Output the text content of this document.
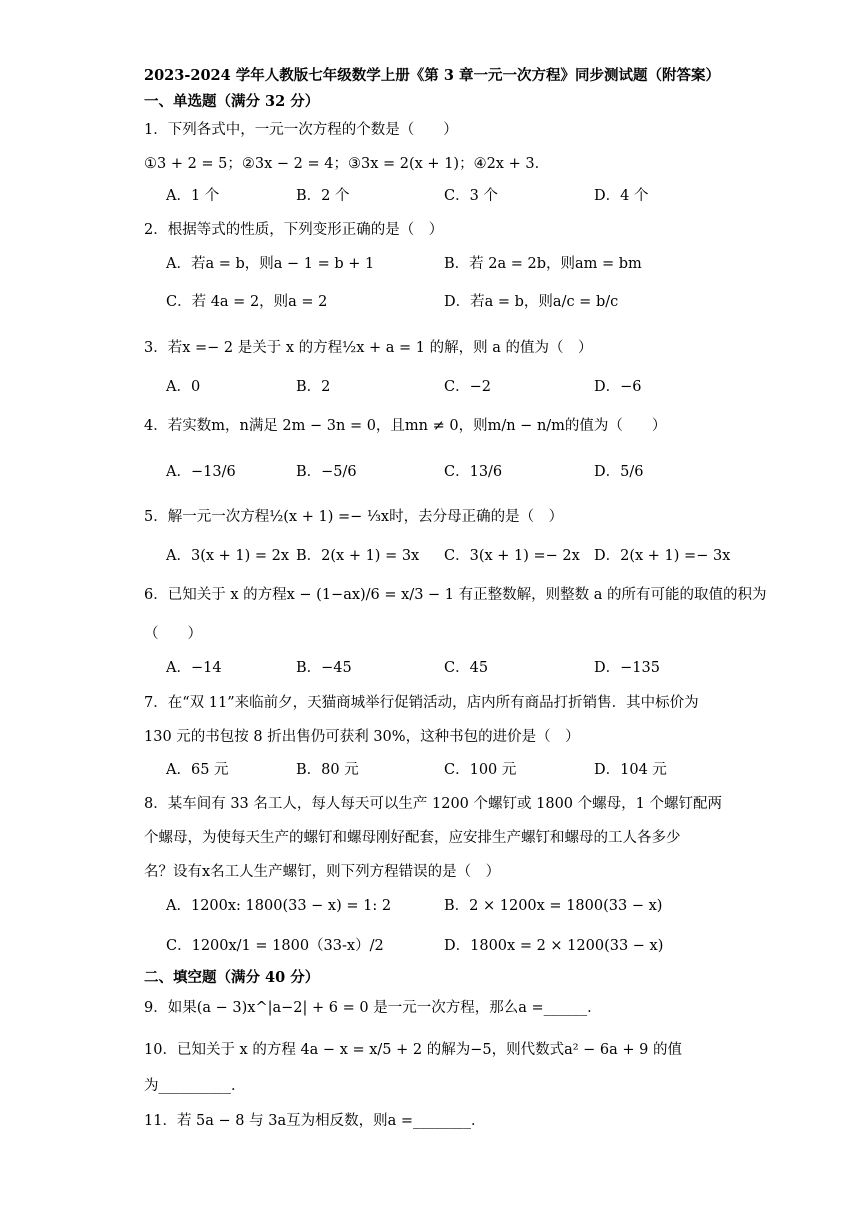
2023-2024 学年人教版七年级数学上册《第 3 章一元一次方程》同步测试题（附答案）
一、单选题（满分 32 分）
1．下列各式中，一元一次方程的个数是（　　）
①3 + 2 = 5；②3x − 2 = 4；③3x = 2(x + 1)；④2x + 3．
A．1 个	B．2 个	C．3 个	D．4 个
2．根据等式的性质，下列变形正确的是（　）
A．若a = b，则a − 1 = b + 1	B．若 2a = 2b，则am = bm
C．若 4a = 2，则a = 2	D．若a = b，则a/c = b/c
3．若x =− 2 是关于 x 的方程½x + a = 1 的解，则 a 的值为（　）
A．0	B．2	C．−2	D．−6
4．若实数m，n满足 2m − 3n = 0，且mn ≠ 0，则m/n − n/m的值为（　　）
A．−13/6	B．−5/6	C．13/6	D．5/6
5．解一元一次方程½(x + 1) =− ⅓x时，去分母正确的是（　）
A．3(x + 1) = 2x B．2(x + 1) = 3x C．3(x + 1) =− 2x D．2(x + 1) =− 3x
6．已知关于 x 的方程x − (1−ax)/6 = x/3 − 1 有正整数解，则整数 a 的所有可能的取值的积为
（　　）
A．−14	B．−45	C．45	D．−135
7．在“双 11”来临前夕，天猫商城举行促销活动，店内所有商品打折销售．其中标价为
130 元的书包按 8 折出售仍可获利 30%，这种书包的进价是（　）
A．65 元	B．80 元	C．100 元	D．104 元
8．某车间有 33 名工人，每人每天可以生产 1200 个螺钉或 1800 个螺母，1 个螺钉配两
个螺母，为使每天生产的螺钉和螺母刚好配套，应安排生产螺钉和螺母的工人各多少
名？设有x名工人生产螺钉，则下列方程错误的是（　）
A．1200x: 1800(33 − x) = 1: 2	B．2 × 1200x = 1800(33 − x)
C．1200x/1 = 1800（33-x）/2	D．1800x = 2 × 1200(33 − x)
二、填空题（满分 40 分）
9．如果(a − 3)x^|a−2| + 6 = 0 是一元一次方程，那么a =______．
10．已知关于 x 的方程 4a − x = x/5 + 2 的解为−5，则代数式a² − 6a + 9 的值
为__________．
11．若 5a − 8 与 3a互为相反数，则a =________．
